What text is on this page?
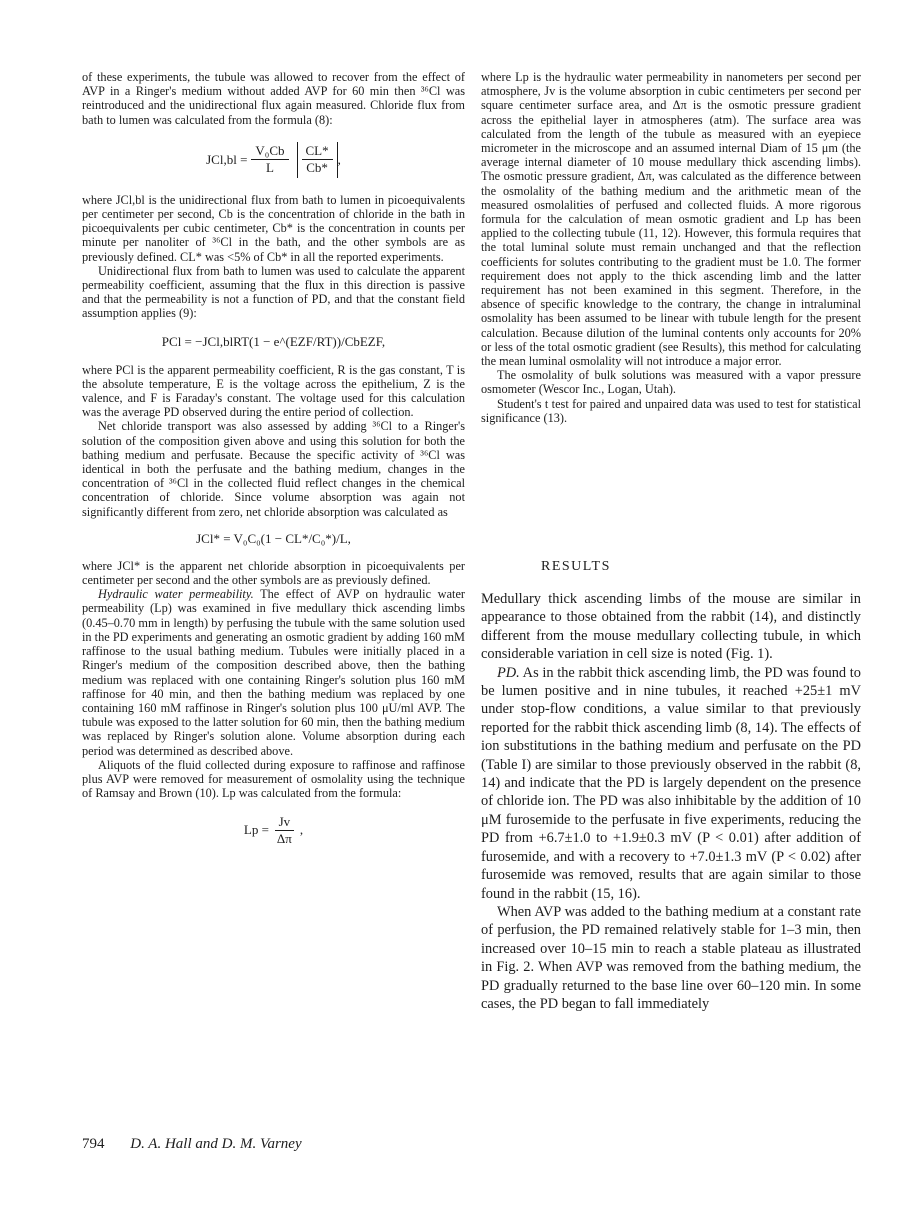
of these experiments, the tubule was allowed to recover from the effect of AVP in a Ringer's medium without added AVP for 60 min then ³⁶Cl was reintroduced and the unidirectional flux again measured. Chloride flux from bath to lumen was calculated from the formula (8):

$JCl,bl = \frac{\text{V₀Cb}}{L} \frac{CL*}{Cb*}$ ,

where JCl,bl is the unidirectional flux from bath to lumen in picoequivalents per centimeter per second, Cb is the concentration of chloride in the bath in picoequivalents per cubic centimeter, Cb* is the concentration in counts per minute per nanoliter of ³⁶Cl in the bath, and the other symbols are as previously defined. CL* was <5% of Cb* in all the reported experiments.

Unidirectional flux from bath to lumen was used to calculate the apparent permeability coefficient, assuming that the flux in this direction is passive and that the permeability is not a function of PD, and that the constant field assumption applies (9):

PCl = −JCl,blRT(1 − e^(EZF/RT))/CbEZF,

where PCl is the apparent permeability coefficient, R is the gas constant, T is the absolute temperature, E is the voltage across the epithelium, Z is the valence, and F is Faraday's constant. The voltage used for this calculation was the average PD observed during the entire period of collection.

Net chloride transport was also assessed by adding ³⁶Cl to a Ringer's solution of the composition given above and using this solution for both the bathing medium and perfusate. Because the specific activity of ³⁶Cl was identical in both the perfusate and the bathing medium, changes in the concentration of ³⁶Cl in the collected fluid reflect changes in the chemical concentration of chloride. Since volume absorption was again not significantly different from zero, net chloride absorption was calculated as

JCl* = V₀C₀(1 − CL*/C₀*)/L,

where JCl* is the apparent net chloride absorption in picoequivalents per centimeter per second and the other symbols are as previously defined.

Hydraulic water permeability. The effect of AVP on hydraulic water permeability (Lp) was examined in five medullary thick ascending limbs (0.45–0.70 mm in length) by perfusing the tubule with the same solution used in the PD experiments and generating an osmotic gradient by adding 160 mM raffinose to the usual bathing medium. Tubules were initially placed in a Ringer's medium of the composition described above, then the bathing medium was replaced with one containing Ringer's solution plus 160 mM raffinose for 40 min, and then the bathing medium was replaced by one containing 160 mM raffinose in Ringer's solution plus 100 μU/ml AVP. The tubule was exposed to the latter solution for 60 min, then the bathing medium was replaced by Ringer's solution alone. Volume absorption during each period was determined as described above.

Aliquots of the fluid collected during exposure to raffinose and raffinose plus AVP were removed for measurement of osmolality using the technique of Ramsay and Brown (10). Lp was calculated from the formula:

$Lp = \frac{Jv}{\Delta\pi}$ ,

where Lp is the hydraulic water permeability in nanometers per second per atmosphere, Jv is the volume absorption in cubic centimeters per second per square centimeter surface area, and Δπ is the osmotic pressure gradient across the epithelial layer in atmospheres (atm). The surface area was calculated from the length of the tubule as measured with an eyepiece micrometer in the microscope and an assumed internal Diam of 15 μm (the average internal diameter of 10 mouse medullary thick ascending limbs). The osmotic pressure gradient, Δπ, was calculated as the difference between the osmolality of the bathing medium and the arithmetic mean of the measured osmolalities of perfused and collected fluids. A more rigorous formula for the calculation of mean osmotic gradient and Lp has been applied to the collecting tubule (11, 12). However, this formula requires that the total luminal solute must remain unchanged and that the reflection coefficients for solutes contributing to the gradient must be 1.0. The former requirement does not apply to the thick ascending limb and the latter requirement has not been examined in this segment. Therefore, in the absence of specific knowledge to the contrary, the change in intraluminal osmolality has been assumed to be linear with tubule length for the present calculation. Because dilution of the luminal contents only accounts for 20% or less of the total osmotic gradient (see Results), this method for calculating the mean luminal osmolality will not introduce a major error.

The osmolality of bulk solutions was measured with a vapor pressure osmometer (Wescor Inc., Logan, Utah).

Student's t test for paired and unpaired data was used to test for statistical significance (13).

RESULTS

Medullary thick ascending limbs of the mouse are similar in appearance to those obtained from the rabbit (14), and distinctly different from the mouse medullary collecting tubule, in which considerable variation in cell size is noted (Fig. 1).

PD. As in the rabbit thick ascending limb, the PD was found to be lumen positive and in nine tubules, it reached +25±1 mV under stop-flow conditions, a value similar to that previously reported for the rabbit thick ascending limb (8, 14). The effects of ion substitutions in the bathing medium and perfusate on the PD (Table I) are similar to those previously observed in the rabbit (8, 14) and indicate that the PD is largely dependent on the presence of chloride ion. The PD was also inhibitable by the addition of 10 μM furosemide to the perfusate in five experiments, reducing the PD from +6.7±1.0 to +1.9±0.3 mV (P < 0.01) after addition of furosemide, and with a recovery to +7.0±1.3 mV (P < 0.02) after furosemide was removed, results that are again similar to those found in the rabbit (15, 16).

When AVP was added to the bathing medium at a constant rate of perfusion, the PD remained relatively stable for 1–3 min, then increased over 10–15 min to reach a stable plateau as illustrated in Fig. 2. When AVP was removed from the bathing medium, the PD gradually returned to the base line over 60–120 min. In some cases, the PD began to fall immediately

794 D. A. Hall and D. M. Varney
